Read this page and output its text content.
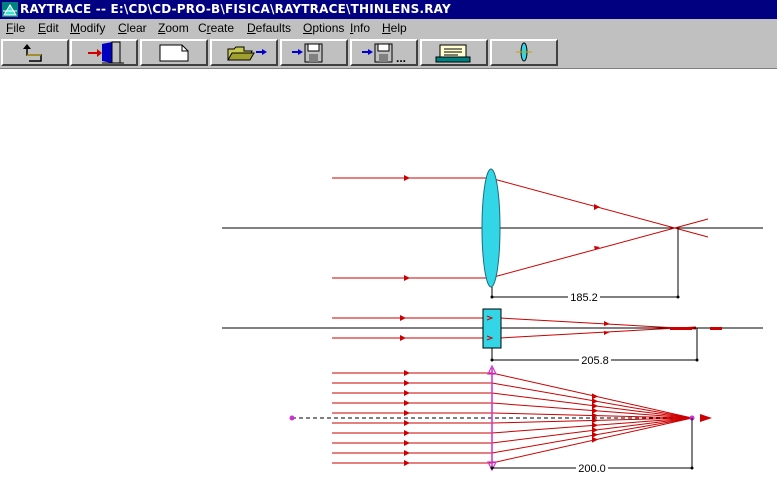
RAYTRACE -- E:\CD\CD-PRO-B\FISICA\RAYTRACE\THINLENS.RAY
File Edit Modify Clear Zoom Create Defaults Options Info Help
...
185.2
205.8
200.0
